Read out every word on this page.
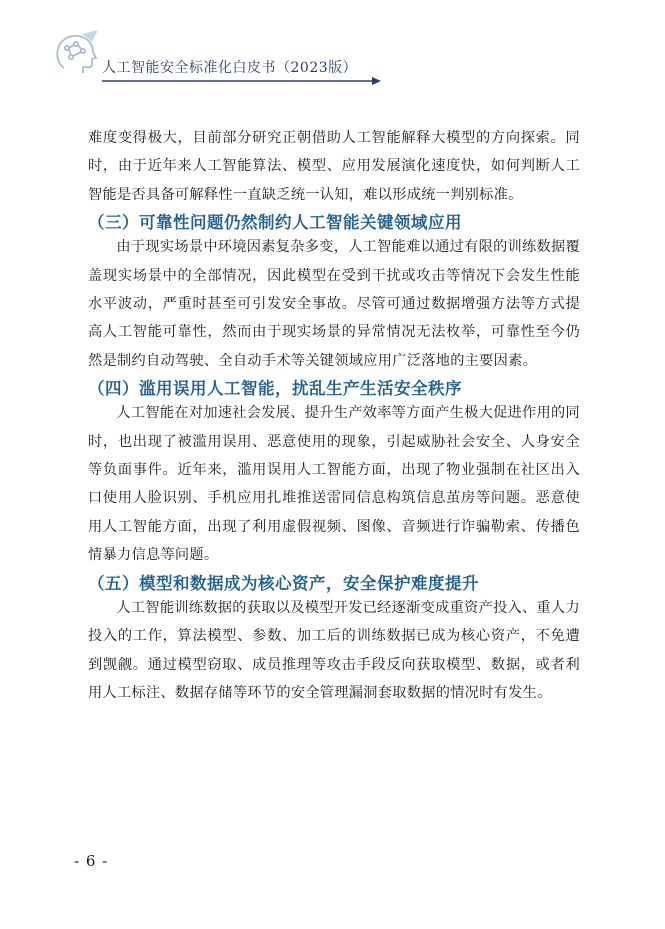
人工智能安全标准化白皮书（2023版）

难度变得极大，目前部分研究正朝借助人工智能解释大模型的方向探索。同时，由于近年来人工智能算法、模型、应用发展演化速度快，如何判断人工智能是否具备可解释性一直缺乏统一认知，难以形成统一判别标准。

（三）可靠性问题仍然制约人工智能关键领域应用

由于现实场景中环境因素复杂多变，人工智能难以通过有限的训练数据覆盖现实场景中的全部情况，因此模型在受到干扰或攻击等情况下会发生性能水平波动，严重时甚至可引发安全事故。尽管可通过数据增强方法等方式提高人工智能可靠性，然而由于现实场景的异常情况无法枚举，可靠性至今仍然是制约自动驾驶、全自动手术等关键领域应用广泛落地的主要因素。

（四）滥用误用人工智能，扰乱生产生活安全秩序

人工智能在对加速社会发展、提升生产效率等方面产生极大促进作用的同时，也出现了被滥用误用、恶意使用的现象，引起威胁社会安全、人身安全等负面事件。近年来，滥用误用人工智能方面，出现了物业强制在社区出入口使用人脸识别、手机应用扎堆推送雷同信息构筑信息茧房等问题。恶意使用人工智能方面，出现了利用虚假视频、图像、音频进行诈骗勒索、传播色情暴力信息等问题。

（五）模型和数据成为核心资产，安全保护难度提升

人工智能训练数据的获取以及模型开发已经逐渐变成重资产投入、重人力投入的工作，算法模型、参数、加工后的训练数据已成为核心资产，不免遭到觊觎。通过模型窃取、成员推理等攻击手段反向获取模型、数据，或者利用人工标注、数据存储等环节的安全管理漏洞套取数据的情况时有发生。

- 6 -
